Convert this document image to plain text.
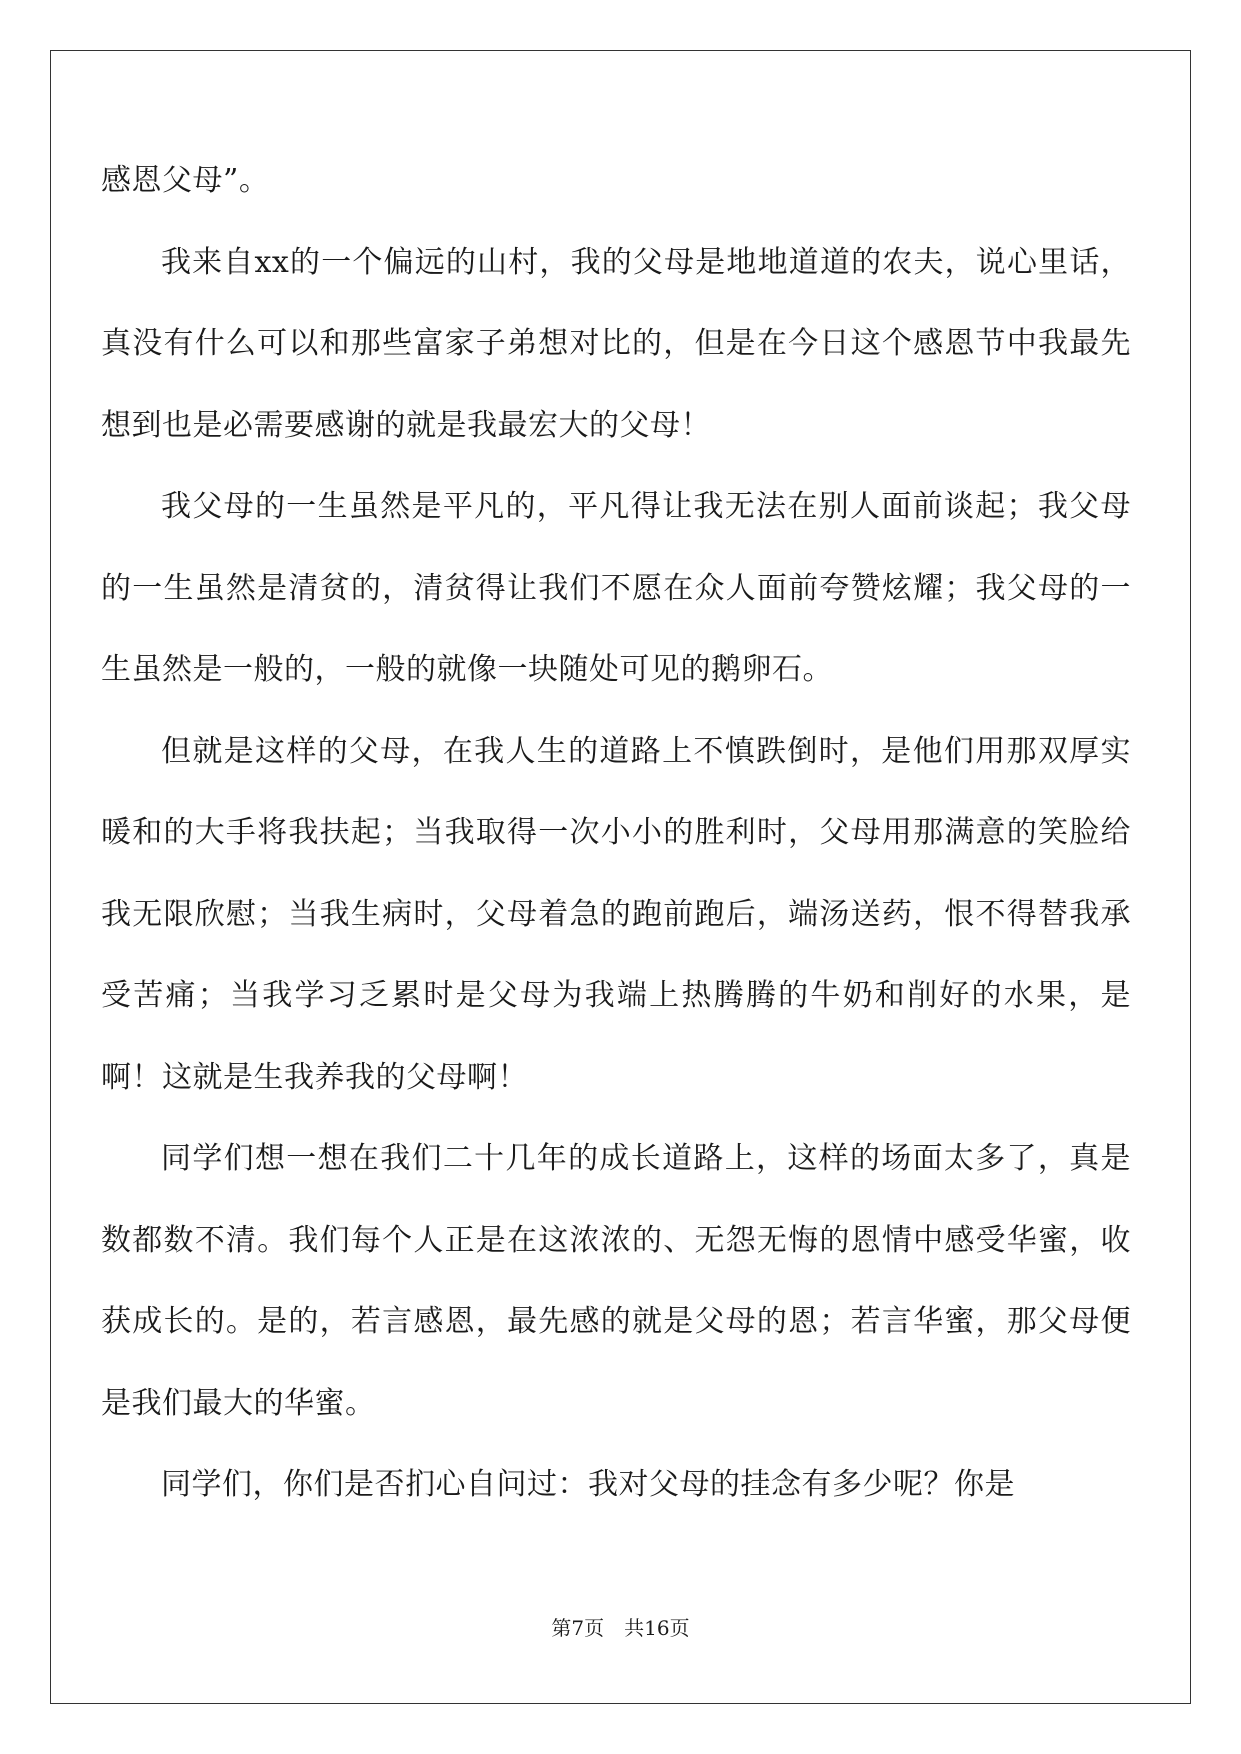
感恩父母”。

我来自xx的一个偏远的山村，我的父母是地地道道的农夫，说心里话，真没有什么可以和那些富家子弟想对比的，但是在今日这个感恩节中我最先想到也是必需要感谢的就是我最宏大的父母！

我父母的一生虽然是平凡的，平凡得让我无法在别人面前谈起；我父母的一生虽然是清贫的，清贫得让我们不愿在众人面前夸赞炫耀；我父母的一生虽然是一般的，一般的就像一块随处可见的鹅卵石。

但就是这样的父母，在我人生的道路上不慎跌倒时，是他们用那双厚实暖和的大手将我扶起；当我取得一次小小的胜利时，父母用那满意的笑脸给我无限欣慰；当我生病时，父母着急的跑前跑后，端汤送药，恨不得替我承受苦痛；当我学习乏累时是父母为我端上热腾腾的牛奶和削好的水果，是啊！这就是生我养我的父母啊！

同学们想一想在我们二十几年的成长道路上，这样的场面太多了，真是数都数不清。我们每个人正是在这浓浓的、无怨无悔的恩情中感受华蜜，收获成长的。是的，若言感恩，最先感的就是父母的恩；若言华蜜，那父母便是我们最大的华蜜。

同学们，你们是否扪心自问过：我对父母的挂念有多少呢？你是

第7页 共16页
